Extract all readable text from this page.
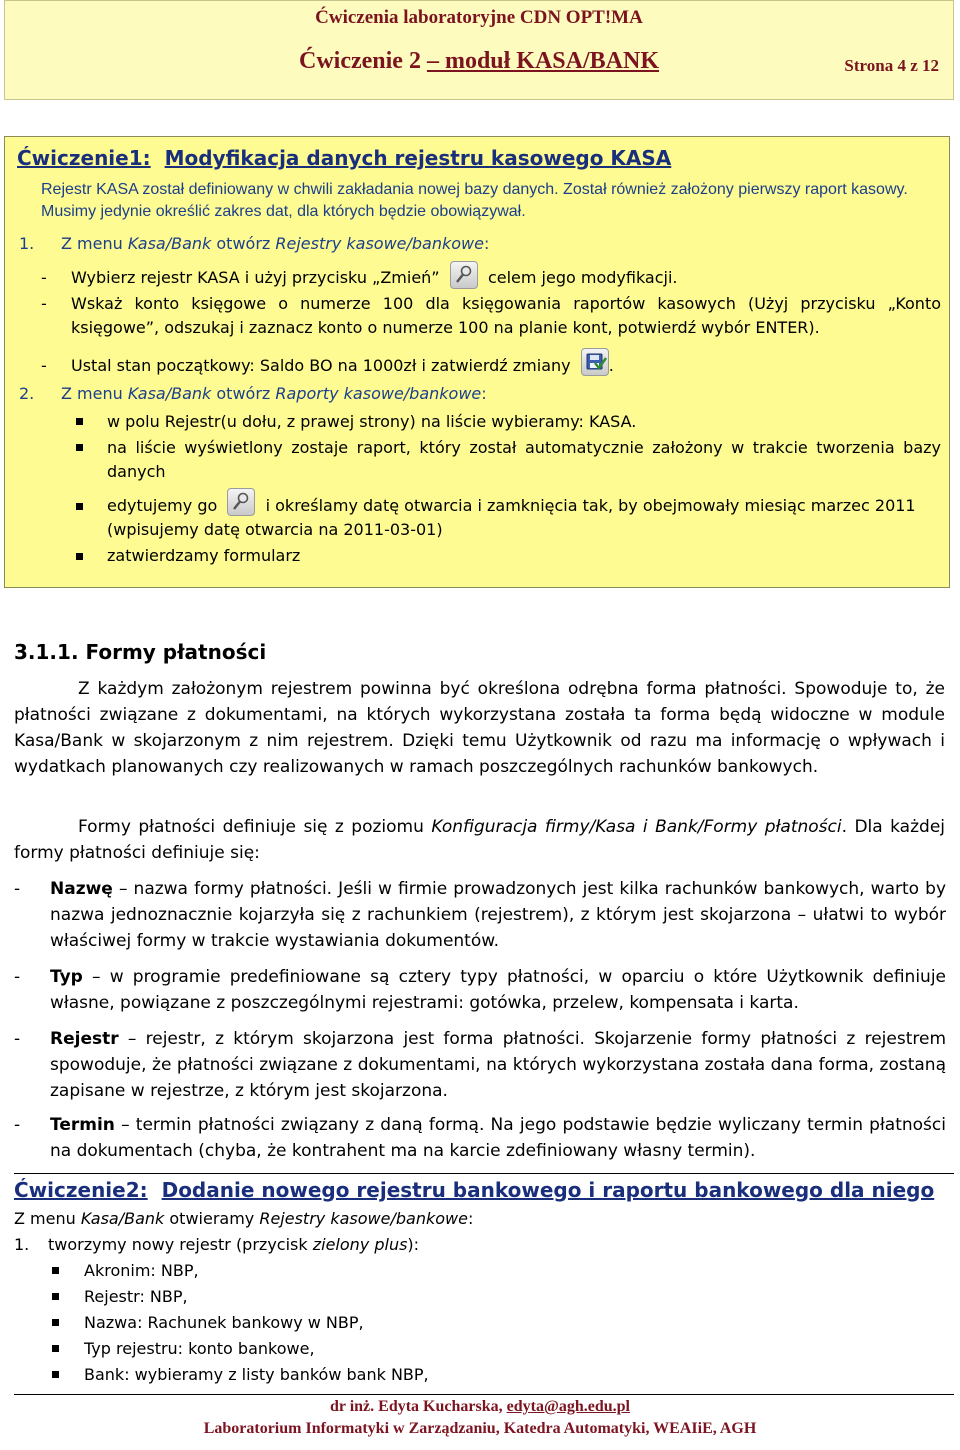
Ćwiczenia laboratoryjne CDN OPT!MA
Ćwiczenie 2 – moduł KASA/BANK	Strona 4 z 12
Ćwiczenie1: Modyfikacja danych rejestru kasowego KASA
Rejestr KASA został definiowany w chwili zakładania nowej bazy danych. Został również założony pierwszy raport kasowy. Musimy jedynie określić zakres dat, dla których będzie obowiązywał.
1. Z menu Kasa/Bank otwórz Rejestry kasowe/bankowe:
- Wybierz rejestr KASA i użyj przycisku „Zmień”	celem jego modyfikacji.
- Wskaż konto księgowe o numerze 100 dla księgowania raportów kasowych (Użyj przycisku „Konto
księgowe”, odszukaj i zaznacz konto o numerze 100 na planie kont, potwierdź wybór ENTER).
- Ustal stan początkowy: Saldo BO na 1000zł i zatwierdź zmiany .
2. Z menu Kasa/Bank otwórz Raporty kasowe/bankowe:
w polu Rejestr(u dołu, z prawej strony) na liście wybieramy: KASA.
na liście wyświetlony zostaje raport, który został automatycznie założony w trakcie tworzenia bazy
danych
edytujemy go	i określamy datę otwarcia i zamknięcia tak, by obejmowały miesiąc marzec 2011
(wpisujemy datę otwarcia na 2011-03-01)
zatwierdzamy formularz
3.1.1. Formy płatności

Z każdym założonym rejestrem powinna być określona odrębna forma płatności. Spowoduje to, że płatności związane z dokumentami, na których wykorzystana została ta forma będą widoczne w module Kasa/Bank w skojarzonym z nim rejestrem. Dzięki temu Użytkownik od razu ma informację o wpływach i wydatkach planowanych czy realizowanych w ramach poszczególnych rachunków bankowych.

Formy płatności definiuje się z poziomu Konfiguracja firmy/Kasa i Bank/Formy płatności. Dla każdej formy płatności definiuje się:

- Nazwę – nazwa formy płatności. Jeśli w firmie prowadzonych jest kilka rachunków bankowych, warto by nazwa jednoznacznie kojarzyła się z rachunkiem (rejestrem), z którym jest skojarzona – ułatwi to wybór właściwej formy w trakcie wystawiania dokumentów.
- Typ – w programie predefiniowane są cztery typy płatności, w oparciu o które Użytkownik definiuje własne, powiązane z poszczególnymi rejestrami: gotówka, przelew, kompensata i karta.
- Rejestr – rejestr, z którym skojarzona jest forma płatności. Skojarzenie formy płatności z rejestrem spowoduje, że płatności związane z dokumentami, na których wykorzystana została dana forma, zostaną zapisane w rejestrze, z którym jest skojarzona.
- Termin – termin płatności związany z daną formą. Na jego podstawie będzie wyliczany termin płatności na dokumentach (chyba, że kontrahent ma na karcie zdefiniowany własny termin).
Ćwiczenie2: Dodanie nowego rejestru bankowego i raportu bankowego dla niego
Z menu Kasa/Bank otwieramy Rejestry kasowe/bankowe:
1. tworzymy nowy rejestr (przycisk zielony plus):
Akronim: NBP,
Rejestr: NBP,
Nazwa: Rachunek bankowy w NBP,
Typ rejestru: konto bankowe,
Bank: wybieramy z listy banków bank NBP,
dr inż. Edyta Kucharska, edyta@agh.edu.pl
Laboratorium Informatyki w Zarządzaniu, Katedra Automatyki, WEAIiE, AGH
